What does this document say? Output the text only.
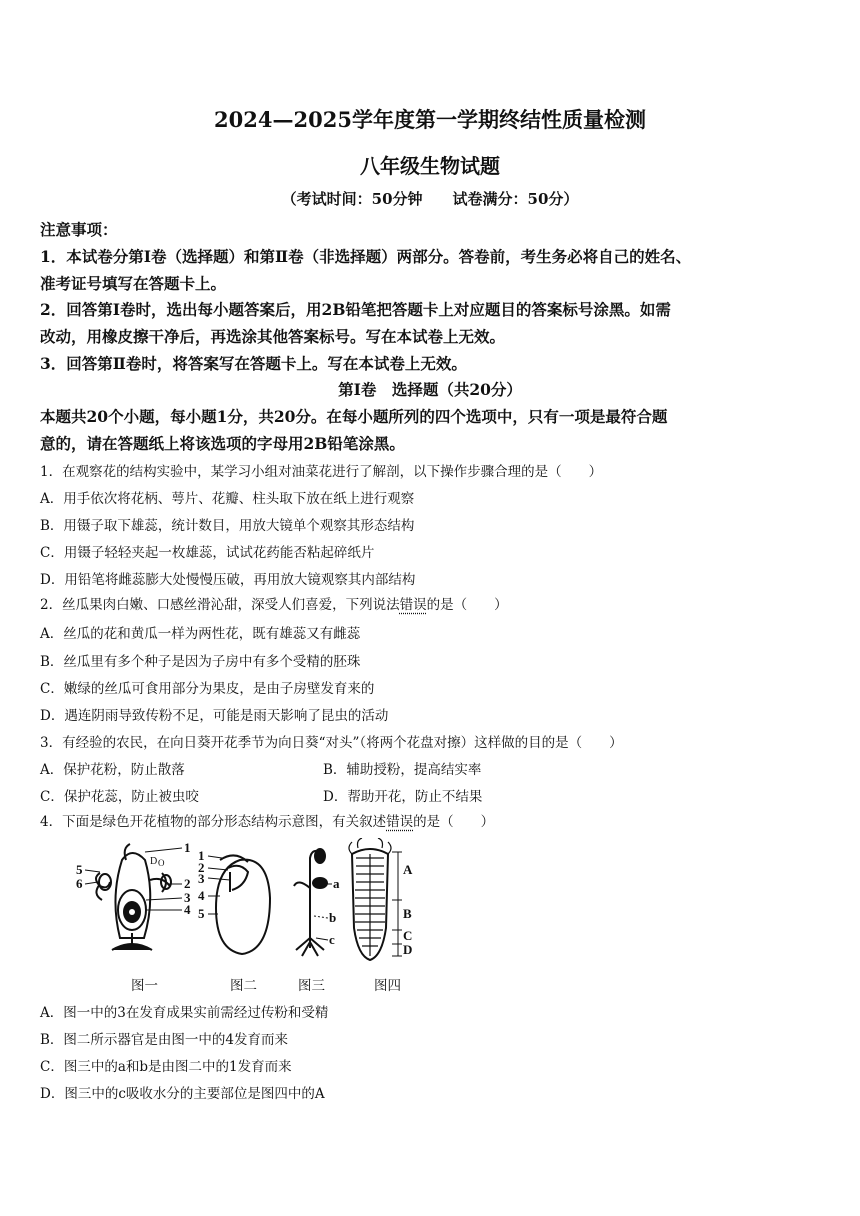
2024—2025学年度第一学期终结性质量检测
八年级生物试题
（考试时间：50分钟　　试卷满分：50分）
注意事项：
1．本试卷分第Ⅰ卷（选择题）和第Ⅱ卷（非选择题）两部分。答卷前，考生务必将自己的姓名、
准考证号填写在答题卡上。
2．回答第Ⅰ卷时，选出每小题答案后，用2B铅笔把答题卡上对应题目的答案标号涂黑。如需
改动，用橡皮擦干净后，再选涂其他答案标号。写在本试卷上无效。
3．回答第Ⅱ卷时，将答案写在答题卡上。写在本试卷上无效。
第Ⅰ卷　选择题（共20分）
本题共20个小题，每小题1分，共20分。在每小题所列的四个选项中，只有一项是最符合题
意的，请在答题纸上将该选项的字母用2B铅笔涂黑。
1．在观察花的结构实验中，某学习小组对油菜花进行了解剖，以下操作步骤合理的是（　　）
A．用手依次将花柄、萼片、花瓣、柱头取下放在纸上进行观察
B．用镊子取下雄蕊，统计数目，用放大镜单个观察其形态结构
C．用镊子轻轻夹起一枚雄蕊，试试花药能否粘起碎纸片
D．用铅笔将雌蕊膨大处慢慢压破，再用放大镜观察其内部结构
2．丝瓜果肉白嫩、口感丝滑沁甜，深受人们喜爱，下列说法错误的是（　　）
A．丝瓜的花和黄瓜一样为两性花，既有雄蕊又有雌蕊
B．丝瓜里有多个种子是因为子房中有多个受精的胚珠
C．嫩绿的丝瓜可食用部分为果皮，是由子房壁发育来的
D．遇连阴雨导致传粉不足，可能是雨天影响了昆虫的活动
3．有经验的农民，在向日葵开花季节为向日葵“对头”（将两个花盘对擦）这样做的目的是（　　）
A．保护花粉，防止散落	B．辅助授粉，提高结实率
C．保护花蕊，防止被虫咬	D．帮助开花，防止不结果
4．下面是绿色开花植物的部分形态结构示意图，有关叙述错误的是（　　）
D O
1
2
3
4
5
6
1
2
3
4
5
a
b
c
A
B
C
D
图一	图二	图三	图四
A．图一中的3在发育成果实前需经过传粉和受精
B．图二所示器官是由图一中的4发育而来
C．图三中的a和b是由图二中的1发育而来
D．图三中的c吸收水分的主要部位是图四中的A
